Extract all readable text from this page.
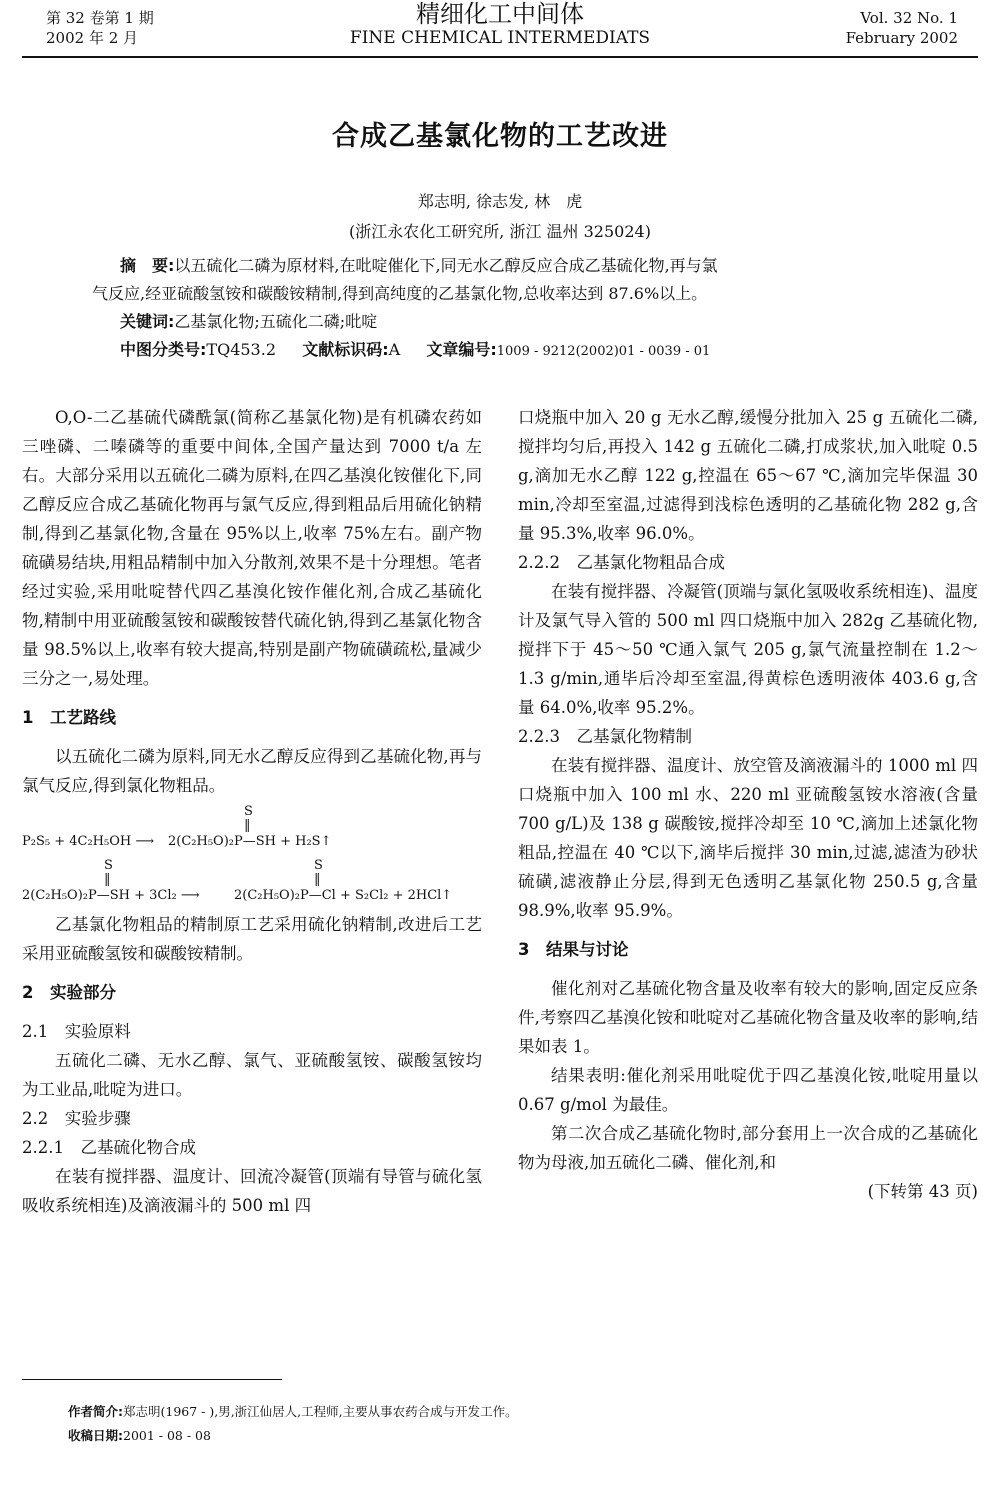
第 32 卷第 1 期
2002 年 2 月
精细化工中间体
FINE CHEMICAL INTERMEDIATS
Vol. 32 No. 1
February 2002
合成乙基氯化物的工艺改进
郑志明, 徐志发, 林　虎
(浙江永农化工研究所, 浙江 温州 325024)
摘　要:以五硫化二磷为原材料,在吡啶催化下,同无水乙醇反应合成乙基硫化物,再与氯
气反应,经亚硫酸氢铵和碳酸铵精制,得到高纯度的乙基氯化物,总收率达到 87.6%以上。
关键词:乙基氯化物;五硫化二磷;吡啶
中图分类号:TQ453.2 文献标识码:A 文章编号:1009 - 9212(2002)01 - 0039 - 01

O,O-二乙基硫代磷酰氯(简称乙基氯化物)是有机磷农药如三唑磷、二嗪磷等的重要中间体,全国产量达到 7000 t/a 左右。大部分采用以五硫化二磷为原料,在四乙基溴化铵催化下,同乙醇反应合成乙基硫化物再与氯气反应,得到粗品后用硫化钠精制,得到乙基氯化物,含量在 95%以上,收率 75%左右。副产物硫磺易结块,用粗品精制中加入分散剂,效果不是十分理想。笔者经过实验,采用吡啶替代四乙基溴化铵作催化剂,合成乙基硫化物,精制中用亚硫酸氢铵和碳酸铵替代硫化钠,得到乙基氯化物含量 98.5%以上,收率有较大提高,特别是副产物硫磺疏松,量减少三分之一,易处理。

1　工艺路线

以五硫化二磷为原料,同无水乙醇反应得到乙基硫化物,再与氯气反应,得到氯化物粗品。

S
‖
P₂S₅ + 4C₂H₅OH ⟶ 2(C₂H₅O)₂P—SH + H₂S↑
S	S
‖	‖
2(C₂H₅O)₂P—SH + 3Cl₂ ⟶	2(C₂H₅O)₂P—Cl + S₂Cl₂ + 2HCl↑

乙基氯化物粗品的精制原工艺采用硫化钠精制,改进后工艺采用亚硫酸氢铵和碳酸铵精制。

2　实验部分
2.1　实验原料

五硫化二磷、无水乙醇、氯气、亚硫酸氢铵、碳酸氢铵均为工业品,吡啶为进口。

2.2　实验步骤
2.2.1　乙基硫化物合成

在装有搅拌器、温度计、回流冷凝管(顶端有导管与硫化氢吸收系统相连)及滴液漏斗的 500 ml 四

口烧瓶中加入 20 g 无水乙醇,缓慢分批加入 25 g 五硫化二磷,搅拌均匀后,再投入 142 g 五硫化二磷,打成浆状,加入吡啶 0.5 g,滴加无水乙醇 122 g,控温在 65～67 ℃,滴加完毕保温 30 min,冷却至室温,过滤得到浅棕色透明的乙基硫化物 282 g,含量 95.3%,收率 96.0%。

2.2.2　乙基氯化物粗品合成

在装有搅拌器、冷凝管(顶端与氯化氢吸收系统相连)、温度计及氯气导入管的 500 ml 四口烧瓶中加入 282g 乙基硫化物,搅拌下于 45～50 ℃通入氯气 205 g,氯气流量控制在 1.2～1.3 g/min,通毕后冷却至室温,得黄棕色透明液体 403.6 g,含量 64.0%,收率 95.2%。

2.2.3　乙基氯化物精制

在装有搅拌器、温度计、放空管及滴液漏斗的 1000 ml 四口烧瓶中加入 100 ml 水、220 ml 亚硫酸氢铵水溶液(含量 700 g/L)及 138 g 碳酸铵,搅拌冷却至 10 ℃,滴加上述氯化物粗品,控温在 40 ℃以下,滴毕后搅拌 30 min,过滤,滤渣为砂状硫磺,滤液静止分层,得到无色透明乙基氯化物 250.5 g,含量 98.9%,收率 95.9%。

3　结果与讨论

催化剂对乙基硫化物含量及收率有较大的影响,固定反应条件,考察四乙基溴化铵和吡啶对乙基硫化物含量及收率的影响,结果如表 1。

结果表明:催化剂采用吡啶优于四乙基溴化铵,吡啶用量以 0.67 g/mol 为最佳。

第二次合成乙基硫化物时,部分套用上一次合成的乙基硫化物为母液,加五硫化二磷、催化剂,和

(下转第 43 页)
作者简介:郑志明(1967 - ),男,浙江仙居人,工程师,主要从事农药合成与开发工作。
收稿日期:2001 - 08 - 08
